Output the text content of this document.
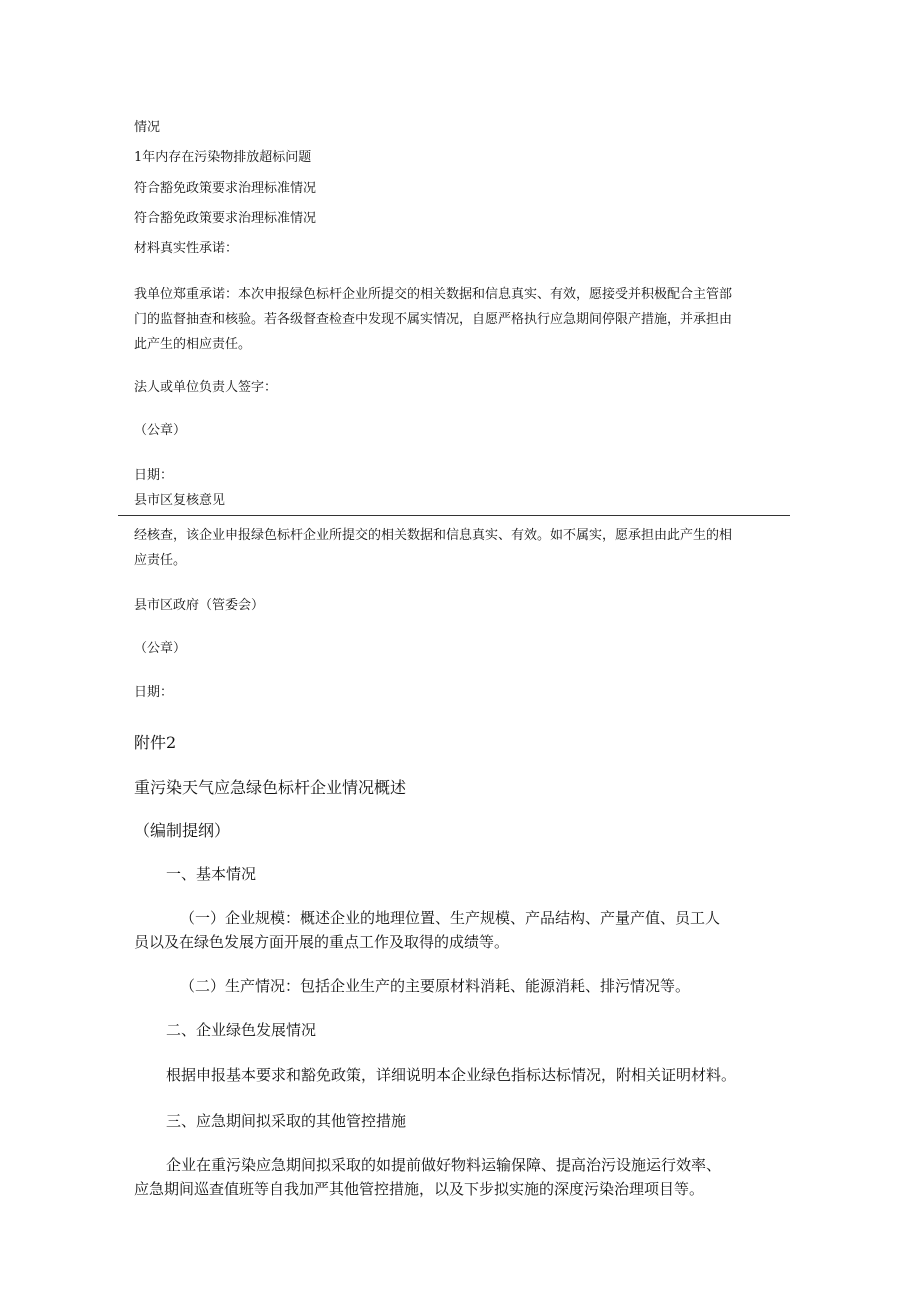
情况

1年内存在污染物排放超标问题

符合豁免政策要求治理标准情况

符合豁免政策要求治理标准情况

材料真实性承诺：

我单位郑重承诺：本次申报绿色标杆企业所提交的相关数据和信息真实、有效，愿接受并积极配合主管部

门的监督抽查和核验。若各级督查检查中发现不属实情况，自愿严格执行应急期间停限产措施，并承担由

此产生的相应责任。

法人或单位负责人签字：

（公章）

日期：

县市区复核意见

经核查，该企业申报绿色标杆企业所提交的相关数据和信息真实、有效。如不属实，愿承担由此产生的相

应责任。

县市区政府（管委会）

（公章）

日期：

附件2

重污染天气应急绿色标杆企业情况概述

（编制提纲）

一、基本情况

（一）企业规模：概述企业的地理位置、生产规模、产品结构、产量产值、员工人

员以及在绿色发展方面开展的重点工作及取得的成绩等。

（二）生产情况：包括企业生产的主要原材料消耗、能源消耗、排污情况等。

二、企业绿色发展情况

根据申报基本要求和豁免政策，详细说明本企业绿色指标达标情况，附相关证明材料。

三、应急期间拟采取的其他管控措施

企业在重污染应急期间拟采取的如提前做好物料运输保障、提高治污设施运行效率、

应急期间巡查值班等自我加严其他管控措施，以及下步拟实施的深度污染治理项目等。
